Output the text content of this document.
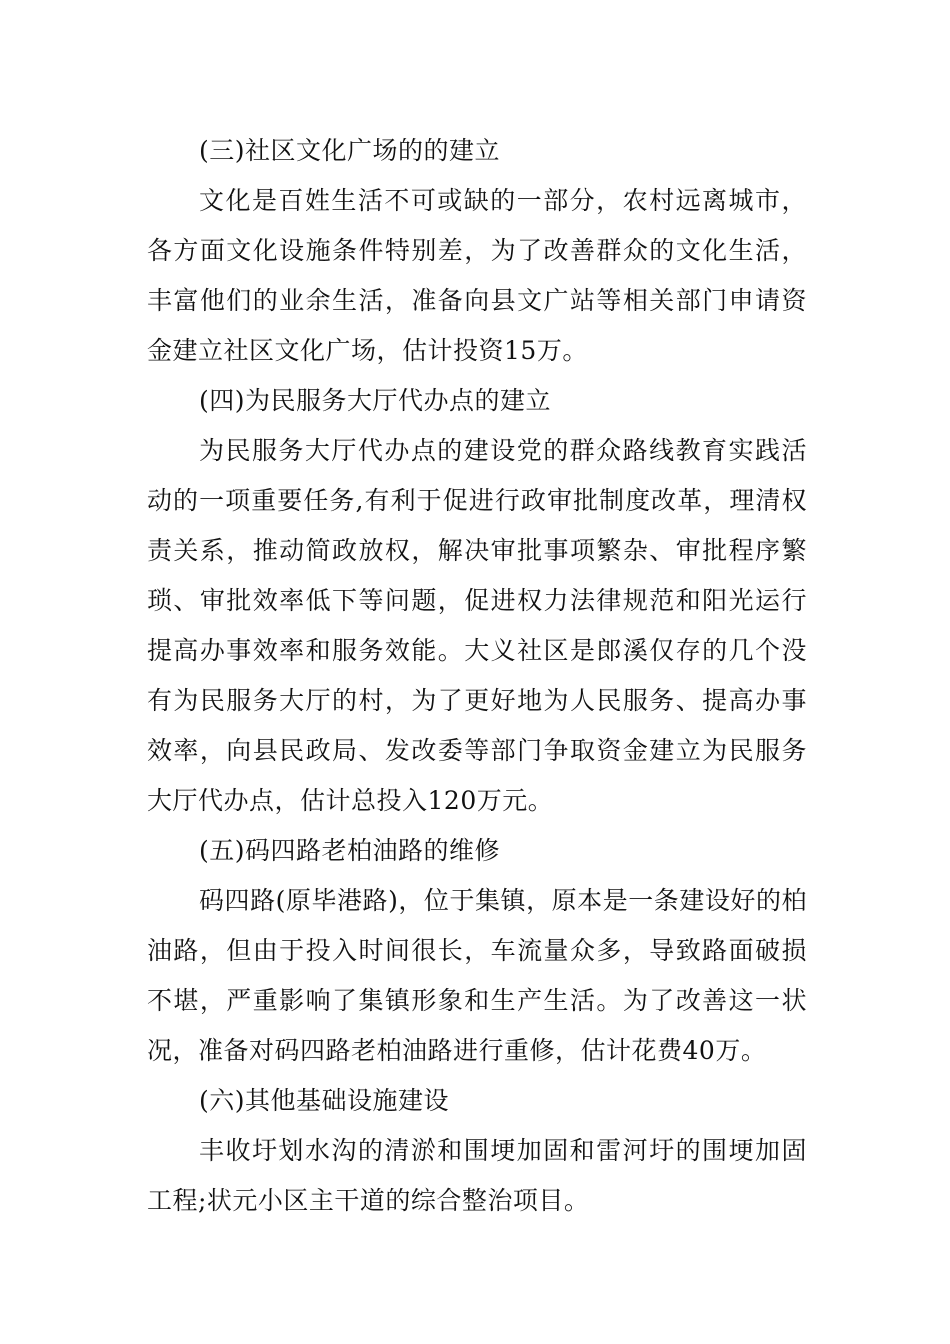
(三)社区文化广场的的建立

文化是百姓生活不可或缺的一部分，农村远离城市，各方面文化设施条件特别差，为了改善群众的文化生活，丰富他们的业余生活，准备向县文广站等相关部门申请资金建立社区文化广场，估计投资15万。

(四)为民服务大厅代办点的建立

为民服务大厅代办点的建设党的群众路线教育实践活动的一项重要任务,有利于促进行政审批制度改革，理清权责关系，推动简政放权，解决审批事项繁杂、审批程序繁琐、审批效率低下等问题，促进权力法律规范和阳光运行提高办事效率和服务效能。大义社区是郎溪仅存的几个没有为民服务大厅的村，为了更好地为人民服务、提高办事效率，向县民政局、发改委等部门争取资金建立为民服务大厅代办点，估计总投入120万元。

(五)码四路老柏油路的维修

码四路(原毕港路)，位于集镇，原本是一条建设好的柏油路，但由于投入时间很长，车流量众多，导致路面破损不堪，严重影响了集镇形象和生产生活。为了改善这一状况，准备对码四路老柏油路进行重修，估计花费40万。

(六)其他基础设施建设

丰收圩划水沟的清淤和围埂加固和雷河圩的围埂加固工程;状元小区主干道的综合整治项目。
